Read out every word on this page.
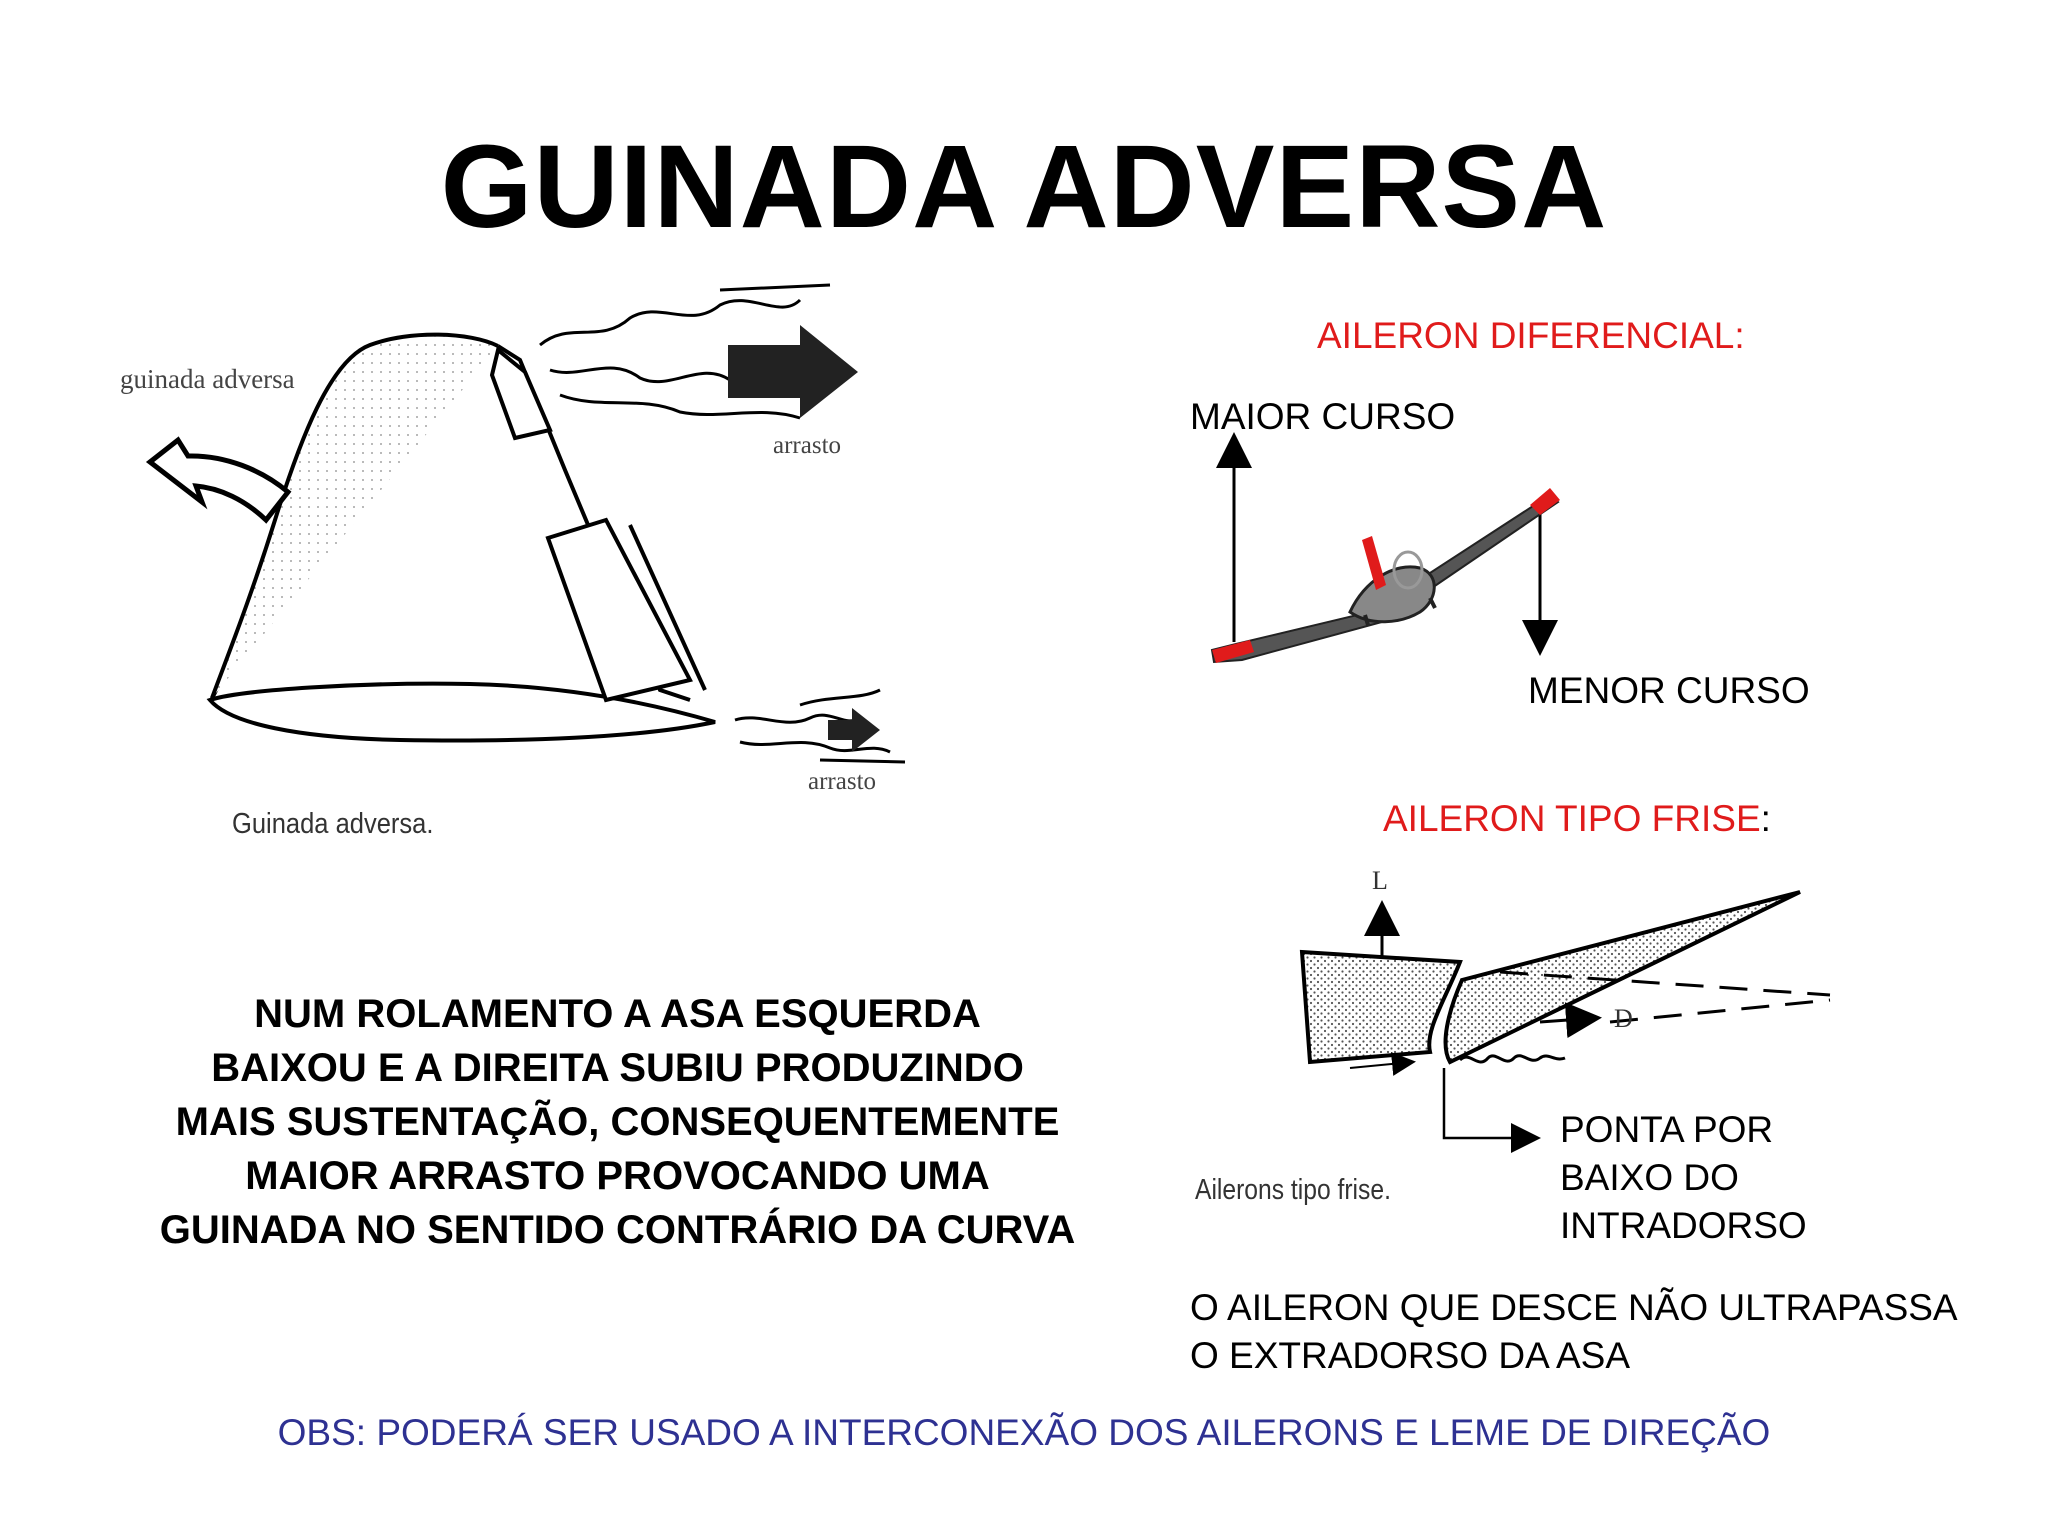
GUINADA ADVERSA
guinada adversa
arrasto
arrasto
Guinada adversa.
NUM ROLAMENTO A ASA ESQUERDA
BAIXOU E A DIREITA SUBIU PRODUZINDO
MAIS SUSTENTAÇÃO, CONSEQUENTEMENTE
MAIOR ARRASTO PROVOCANDO UMA
GUINADA NO SENTIDO CONTRÁRIO DA CURVA
AILERON DIFERENCIAL:
MAIOR CURSO
MENOR CURSO
AILERON TIPO FRISE:
L
D
PONTA POR
BAIXO DO
INTRADORSO
Ailerons tipo frise.
O AILERON QUE DESCE NÃO ULTRAPASSA
O EXTRADORSO DA ASA
OBS: PODERÁ SER USADO A INTERCONEXÃO DOS AILERONS E LEME DE DIREÇÃO
